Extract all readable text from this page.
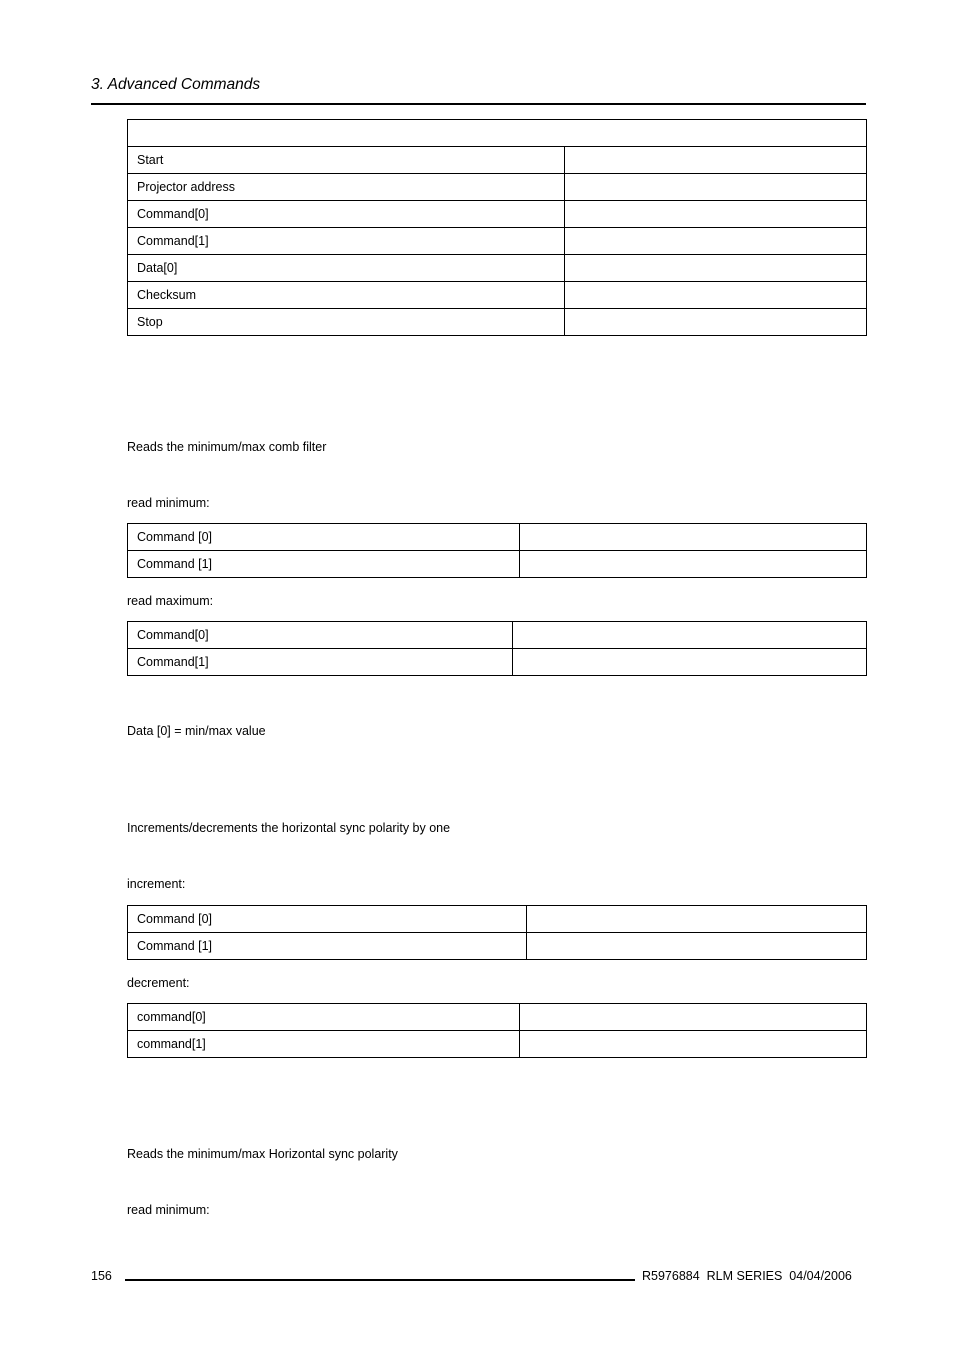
3. Advanced Commands

Start	
Projector address	
Command[0]	
Command[1]	
Data[0]	
Checksum	
Stop	
Reads the minimum/max comb filter
read minimum:
Command [0]	
Command [1]	
read maximum:
Command[0]	
Command[1]	
Data [0] = min/max value
Increments/decrements the horizontal sync polarity by one
increment:
Command [0]	
Command [1]	
decrement:
command[0]	
command[1]	
Reads the minimum/max Horizontal sync polarity
read minimum:
156	R5976884  RLM SERIES  04/04/2006
